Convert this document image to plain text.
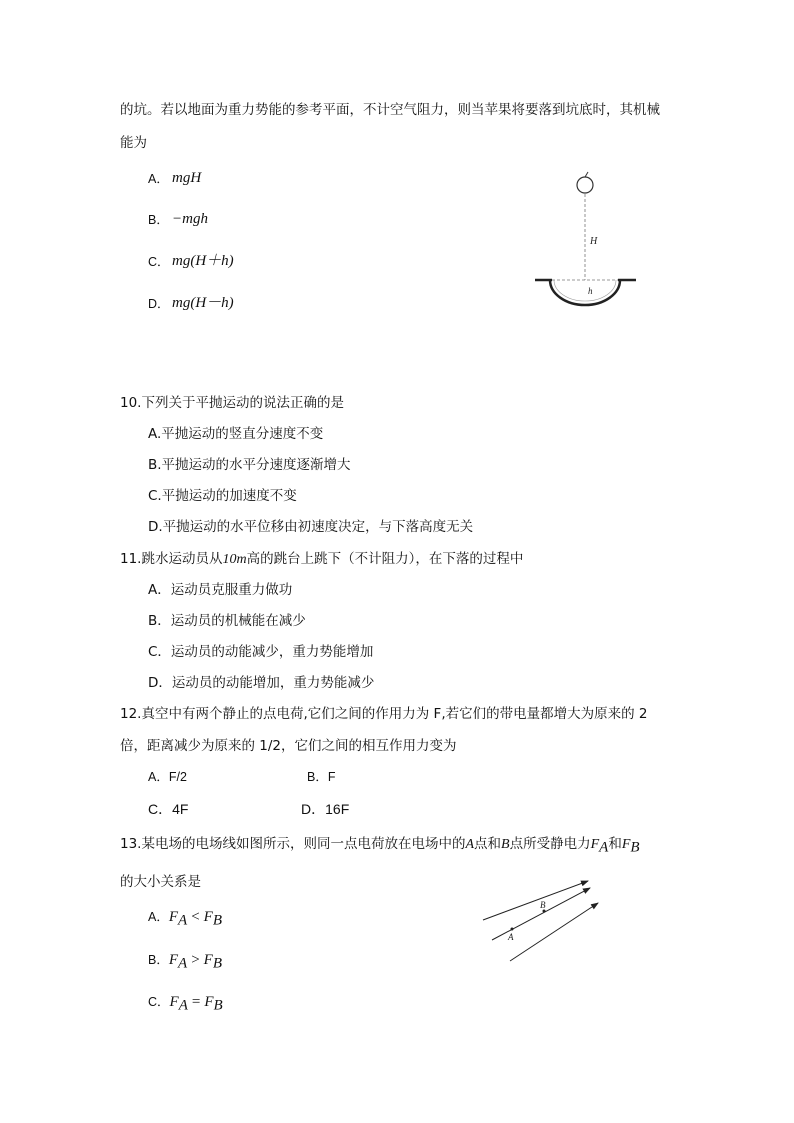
的坑。若以地面为重力势能的参考平面，不计空气阻力，则当苹果将要落到坑底时，其机械
能为
A． mgH
B． −mgh
C． mg(H＋h)
D． mg(H－h)
H
h
10.下列关于平抛运动的说法正确的是
A.平抛运动的竖直分速度不变
B.平抛运动的水平分速度逐渐增大
C.平抛运动的加速度不变
D.平抛运动的水平位移由初速度决定，与下落高度无关
11.跳水运动员从10m高的跳台上跳下（不计阻力），在下落的过程中
A．运动员克服重力做功
B．运动员的机械能在减少
C．运动员的动能减少，重力势能增加
D．运动员的动能增加，重力势能减少
12.真空中有两个静止的点电荷,它们之间的作用力为 F,若它们的带电量都增大为原来的 2
倍，距离减少为原来的 1/2，它们之间的相互作用力变为
A．F/2	B．F
C．4F	D．16F
13.某电场的电场线如图所示，则同一点电荷放在电场中的A点和B点所受静电力$F_A$和$F_B$
的大小关系是
A．$F_A < F_B$
B．$F_A > F_B$
C．$F_A = F_B$
A
B
